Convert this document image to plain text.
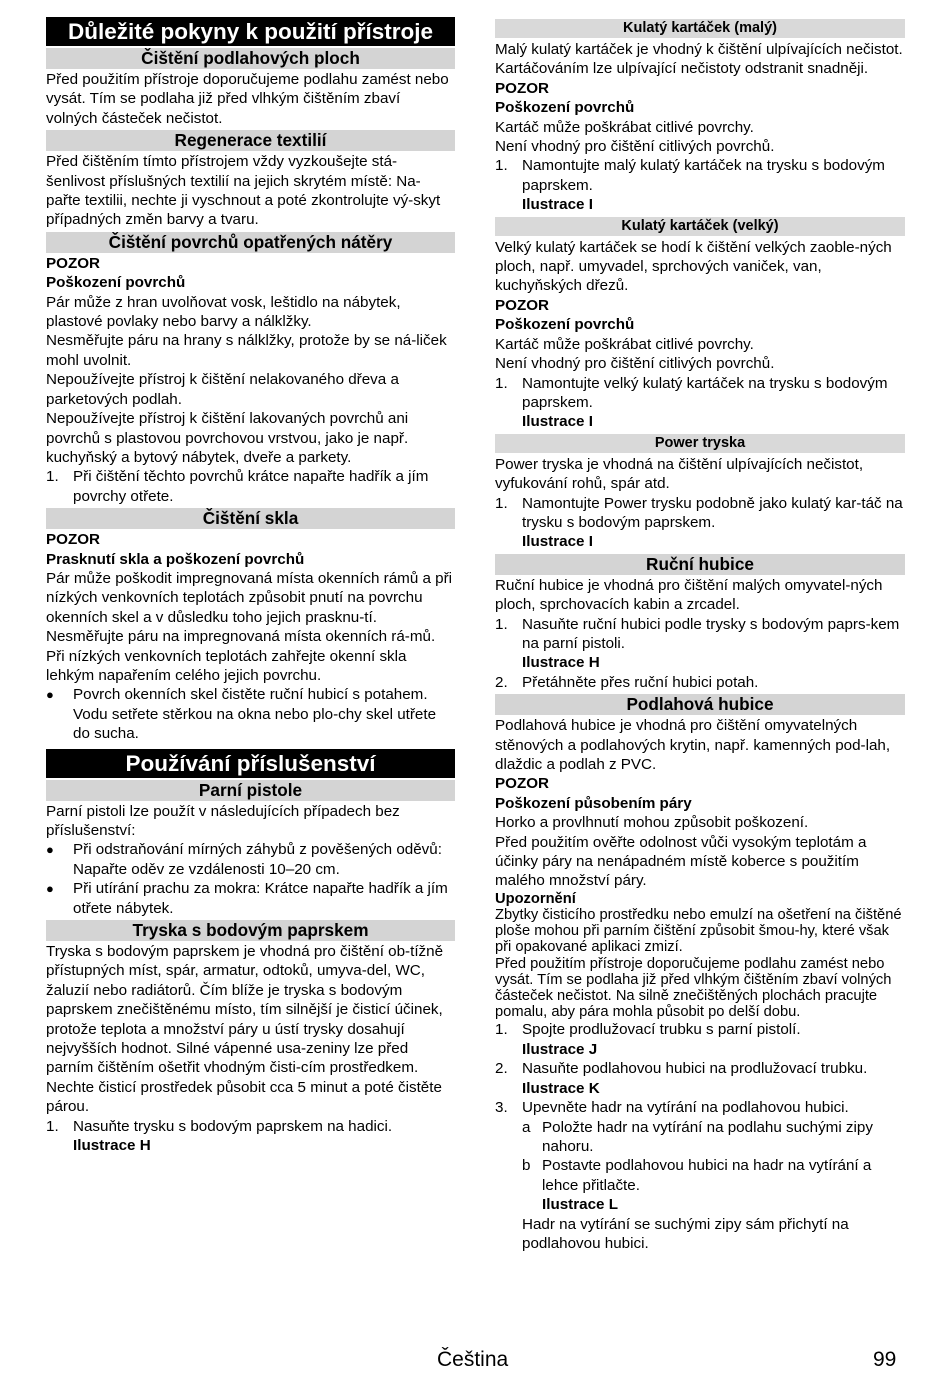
Důležité pokyny k použití přístroje
Čištění podlahových ploch

Před použitím přístroje doporučujeme podlahu zamést nebo vysát. Tím se podlaha již před vlhkým čištěním zbaví volných částeček nečistot.

Regenerace textilií

Před čištěním tímto přístrojem vždy vyzkoušejte stá-šenlivost příslušných textilií na jejich skrytém místě: Na-pařte textilii, nechte ji vyschnout a poté zkontrolujte vý-skyt případných změn barvy a tvaru.

Čištění povrchů opatřených nátěry

POZOR

Poškození povrchů

Pár může z hran uvolňovat vosk, leštidlo na nábytek, plastové povlaky nebo barvy a nálklžky.

Nesměřujte páru na hrany s nálklžky, protože by se ná-liček mohl uvolnit.

Nepoužívejte přístroj k čištění nelakovaného dřeva a parketových podlah.

Nepoužívejte přístroj k čištění lakovaných povrchů ani povrchů s plastovou povrchovou vrstvou, jako je např. kuchyňský a bytový nábytek, dveře a parkety.

1. Při čištění těchto povrchů krátce napařte hadřík a jím povrchy otřete.
Čištění skla

POZOR

Prasknutí skla a poškození povrchů

Pár může poškodit impregnovaná místa okenních rámů a při nízkých venkovních teplotách způsobit pnutí na povrchu okenních skel a v důsledku toho jejich prasknu-tí.

Nesměřujte páru na impregnovaná místa okenních rá-mů.

Při nízkých venkovních teplotách zahřejte okenní skla lehkým napařením celého jejich povrchu.

●	Povrch okenních skel čistěte ruční hubicí s potahem. Vodu setřete stěrkou na okna nebo plo-chy skel utřete do sucha.
Používání příslušenství
Parní pistole

Parní pistoli lze použít v následujících případech bez příslušenství:

●	Při odstraňování mírných záhybů z pověšených oděvů: Napařte oděv ze vzdálenosti 10–20 cm.
●	Při utírání prachu za mokra: Krátce napařte hadřík a jím otřete nábytek.
Tryska s bodovým paprskem

Tryska s bodovým paprskem je vhodná pro čištění ob-tížně přístupných míst, spár, armatur, odtoků, umyva-del, WC, žaluzií nebo radiátorů. Čím blíže je tryska s bodovým paprskem znečištěnému místo, tím silnější je čisticí účinek, protože teplota a množství páry u ústí trysky dosahují nejvyšších hodnot. Silné vápenné usa-zeniny lze před parním čištěním ošetřit vhodným čisti-cím prostředkem. Nechte čisticí prostředek působit cca 5 minut a poté čistěte párou.

1. Nasuňte trysku s bodovým paprskem na hadici.

Ilustrace H

Kulatý kartáček (malý)

Malý kulatý kartáček je vhodný k čištění ulpívajících nečistot. Kartáčováním lze ulpívající nečistoty odstranit snadněji.

POZOR

Poškození povrchů

Kartáč může poškrábat citlivé povrchy.

Není vhodný pro čištění citlivých povrchů.

1. Namontujte malý kulatý kartáček na trysku s bodovým paprskem.

Ilustrace I

Kulatý kartáček (velký)

Velký kulatý kartáček se hodí k čištění velkých zaoble-ných ploch, např. umyvadel, sprchových vaniček, van, kuchyňských dřezů.

POZOR

Poškození povrchů

Kartáč může poškrábat citlivé povrchy.

Není vhodný pro čištění citlivých povrchů.

1. Namontujte velký kulatý kartáček na trysku s bodovým paprskem.

Ilustrace I

Power tryska

Power tryska je vhodná na čištění ulpívajících nečistot, vyfukování rohů, spár atd.

1. Namontujte Power trysku podobně jako kulatý kar-táč na trysku s bodovým paprskem.

Ilustrace I

Ruční hubice

Ruční hubice je vhodná pro čištění malých omyvatel-ných ploch, sprchovacích kabin a zrcadel.

1. Nasuňte ruční hubici podle trysky s bodovým paprs-kem na parní pistoli.

Ilustrace H

2. Přetáhněte přes ruční hubici potah.
Podlahová hubice

Podlahová hubice je vhodná pro čištění omyvatelných stěnových a podlahových krytin, např. kamenných pod-lah, dlaždic a podlah z PVC.

POZOR

Poškození působením páry

Horko a provlhnutí mohou způsobit poškození.

Před použitím ověřte odolnost vůči vysokým teplotám a účinky páry na nenápadném místě koberce s použitím malého množství páry.

Upozornění

Zbytky čisticího prostředku nebo emulzí na ošetření na čištěné ploše mohou při parním čištění způsobit šmou-hy, které však při opakované aplikaci zmizí.

Před použitím přístroje doporučujeme podlahu zamést nebo vysát. Tím se podlaha již před vlhkým čištěním zbaví volných částeček nečistot. Na silně znečištěných plochách pracujte pomalu, aby pára mohla působit po delší dobu.

1. Spojte prodlužovací trubku s parní pistolí.

Ilustrace J

2. Nasuňte podlahovou hubici na prodlužovací trubku.

Ilustrace K

3. Upevněte hadr na vytírání na podlahovou hubici.
a Položte hadr na vytírání na podlahu suchými zipy nahoru.
b Postavte podlahovou hubici na hadr na vytírání a lehce přitlačte.

Ilustrace L

Hadr na vytírání se suchými zipy sám přichytí na podlahovou hubici.

Čeština	99
